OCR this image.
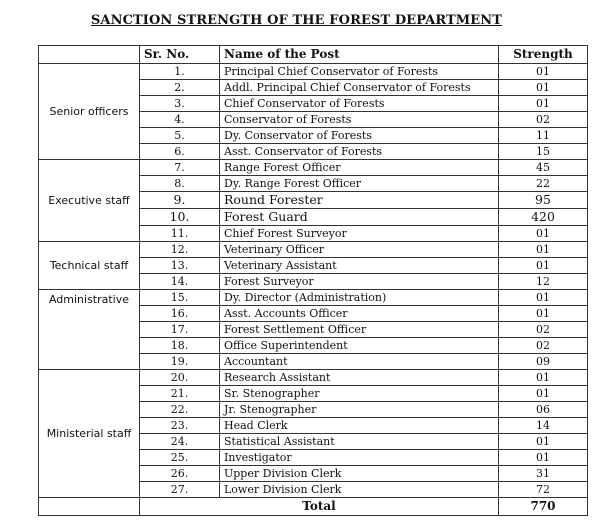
SANCTION STRENGTH OF THE FOREST DEPARTMENT
	Sr. No.	Name of the Post	Strength
Senior officers	1.	Principal Chief Conservator of Forests	01
	2.	Addl. Principal Chief Conservator of Forests	01
	3.	Chief Conservator of Forests	01
	4.	Conservator of Forests	02
	5.	Dy. Conservator of Forests	11
	6.	Asst. Conservator of Forests	15
Executive staff	7.	Range Forest Officer	45
	8.	Dy. Range Forest Officer	22
	9.	Round Forester	95
	10.	Forest Guard	420
	11.	Chief Forest Surveyor	01
Technical staff	12.	Veterinary Officer	01
	13.	Veterinary Assistant	01
	14.	Forest Surveyor	12
Administrative	15.	Dy. Director (Administration)	01
	16.	Asst. Accounts Officer	01
	17.	Forest Settlement Officer	02
	18.	Office Superintendent	02
	19.	Accountant	09
Ministerial staff	20.	Research Assistant	01
	21.	Sr. Stenographer	01
	22.	Jr. Stenographer	06
	23.	Head Clerk	14
	24.	Statistical Assistant	01
	25.	Investigator	01
	26.	Upper Division Clerk	31
	27.	Lower Division Clerk	72
	Total		770
